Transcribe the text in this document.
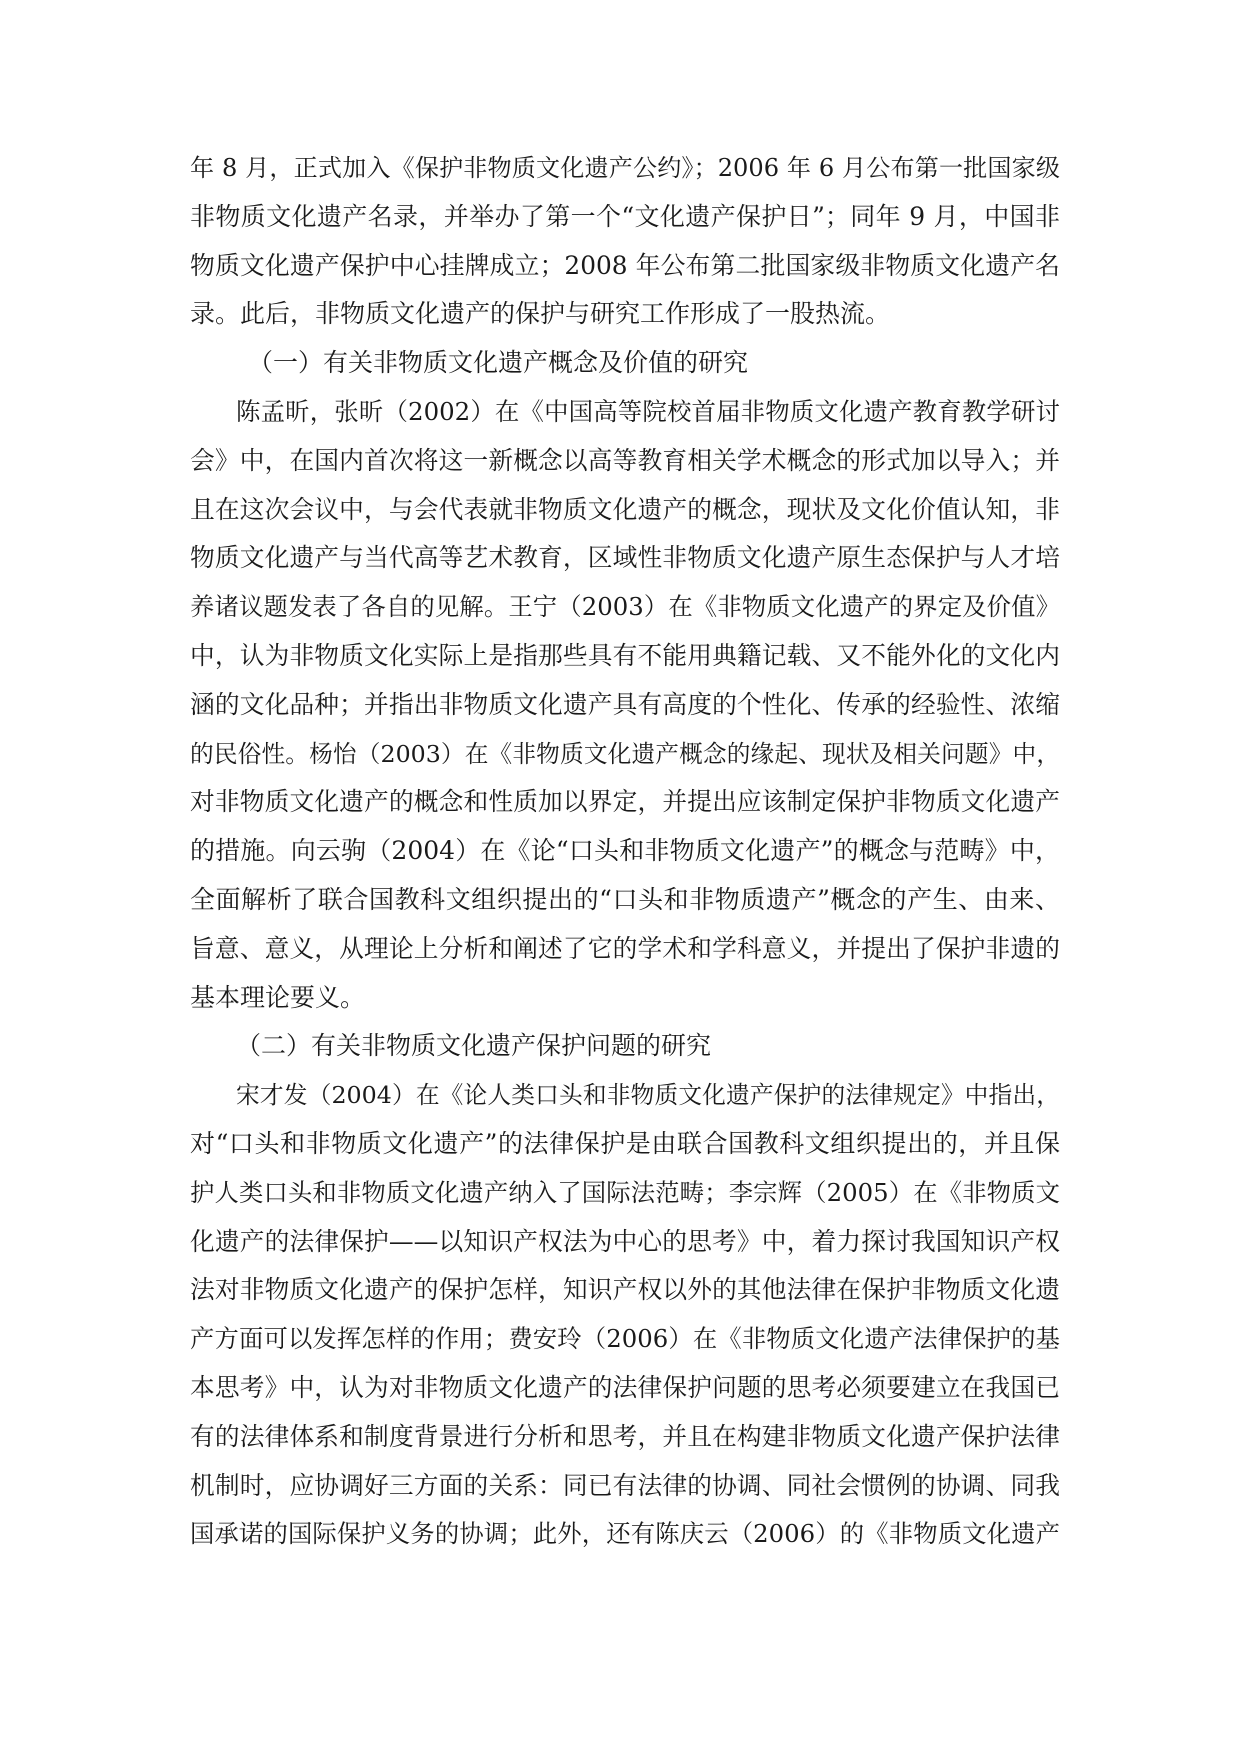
年 8 月，正式加入《保护非物质文化遗产公约》；2006 年 6 月公布第一批国家级
非物质文化遗产名录，并举办了第一个“文化遗产保护日”；同年 9 月，中国非
物质文化遗产保护中心挂牌成立；2008 年公布第二批国家级非物质文化遗产名
录。此后，非物质文化遗产的保护与研究工作形成了一股热流。
（一）有关非物质文化遗产概念及价值的研究
陈孟昕，张昕（2002）在《中国高等院校首届非物质文化遗产教育教学研讨
会》中，在国内首次将这一新概念以高等教育相关学术概念的形式加以导入；并
且在这次会议中，与会代表就非物质文化遗产的概念，现状及文化价值认知，非
物质文化遗产与当代高等艺术教育，区域性非物质文化遗产原生态保护与人才培
养诸议题发表了各自的见解。王宁（2003）在《非物质文化遗产的界定及价值》
中，认为非物质文化实际上是指那些具有不能用典籍记载、又不能外化的文化内
涵的文化品种；并指出非物质文化遗产具有高度的个性化、传承的经验性、浓缩
的民俗性。杨怡（2003）在《非物质文化遗产概念的缘起、现状及相关问题》中，
对非物质文化遗产的概念和性质加以界定，并提出应该制定保护非物质文化遗产
的措施。向云驹（2004）在《论“口头和非物质文化遗产”的概念与范畴》中，
全面解析了联合国教科文组织提出的“口头和非物质遗产”概念的产生、由来、
旨意、意义，从理论上分析和阐述了它的学术和学科意义，并提出了保护非遗的
基本理论要义。
（二）有关非物质文化遗产保护问题的研究
宋才发（2004）在《论人类口头和非物质文化遗产保护的法律规定》中指出，
对“口头和非物质文化遗产”的法律保护是由联合国教科文组织提出的，并且保
护人类口头和非物质文化遗产纳入了国际法范畴；李宗辉（2005）在《非物质文
化遗产的法律保护——以知识产权法为中心的思考》中，着力探讨我国知识产权
法对非物质文化遗产的保护怎样，知识产权以外的其他法律在保护非物质文化遗
产方面可以发挥怎样的作用；费安玲（2006）在《非物质文化遗产法律保护的基
本思考》中，认为对非物质文化遗产的法律保护问题的思考必须要建立在我国已
有的法律体系和制度背景进行分析和思考，并且在构建非物质文化遗产保护法律
机制时，应协调好三方面的关系：同已有法律的协调、同社会惯例的协调、同我
国承诺的国际保护义务的协调；此外，还有陈庆云（2006）的《非物质文化遗产
